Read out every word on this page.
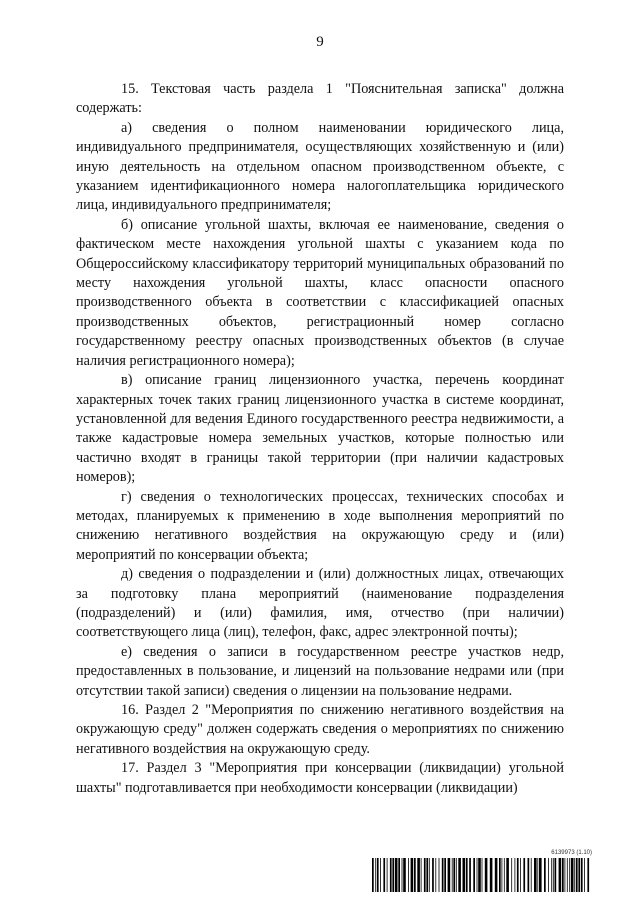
9

15. Текстовая часть раздела 1 "Пояснительная записка" должна содержать:

а) сведения о полном наименовании юридического лица, индивидуального предпринимателя, осуществляющих хозяйственную и (или) иную деятельность на отдельном опасном производственном объекте, с указанием идентификационного номера налогоплательщика юридического лица, индивидуального предпринимателя;

б) описание угольной шахты, включая ее наименование, сведения о фактическом месте нахождения угольной шахты с указанием кода по Общероссийскому классификатору территорий муниципальных образований по месту нахождения угольной шахты, класс опасности опасного производственного объекта в соответствии с классификацией опасных производственных объектов, регистрационный номер согласно государственному реестру опасных производственных объектов (в случае наличия регистрационного номера);

в) описание границ лицензионного участка, перечень координат характерных точек таких границ лицензионного участка в системе координат, установленной для ведения Единого государственного реестра недвижимости, а также кадастровые номера земельных участков, которые полностью или частично входят в границы такой территории (при наличии кадастровых номеров);

г) сведения о технологических процессах, технических способах и методах, планируемых к применению в ходе выполнения мероприятий по снижению негативного воздействия на окружающую среду и (или) мероприятий по консервации объекта;

д) сведения о подразделении и (или) должностных лицах, отвечающих за подготовку плана мероприятий (наименование подразделения (подразделений) и (или) фамилия, имя, отчество (при наличии) соответствующего лица (лиц), телефон, факс, адрес электронной почты);

е) сведения о записи в государственном реестре участков недр, предоставленных в пользование, и лицензий на пользование недрами или (при отсутствии такой записи) сведения о лицензии на пользование недрами.

16. Раздел 2 "Мероприятия по снижению негативного воздействия на окружающую среду" должен содержать сведения о мероприятиях по снижению негативного воздействия на окружающую среду.

17. Раздел 3 "Мероприятия при консервации (ликвидации) угольной шахты" подготавливается при необходимости консервации (ликвидации)

6139973 (1.10)
